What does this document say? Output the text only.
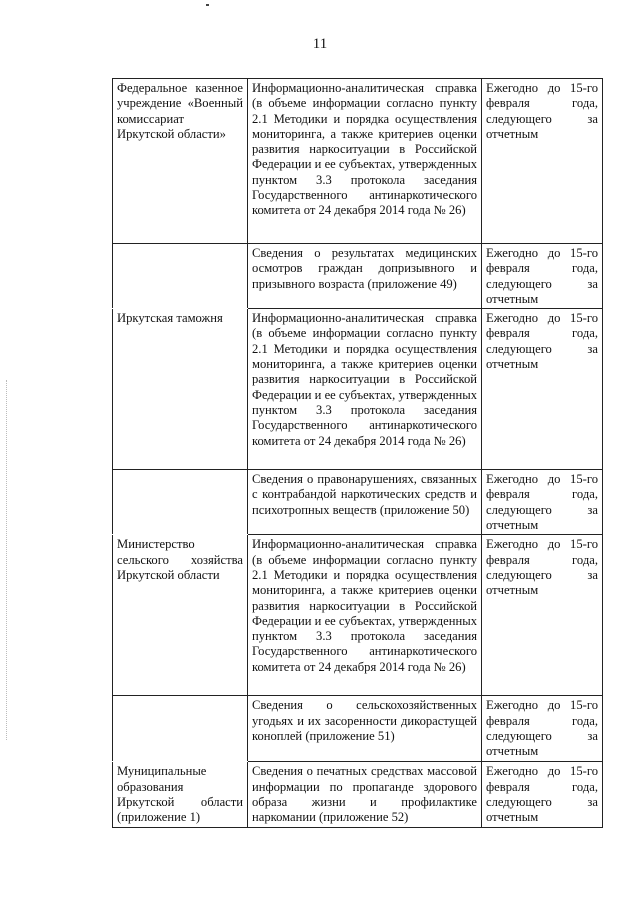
11
Федеральное казенное учреждение «Военный комиссариат Иркутской области»	Информационно-аналитическая справка (в объеме информации согласно пункту 2.1 Методики и порядка осуществления мониторинга, а также критериев оценки развития наркоситуации в Российской Федерации и ее субъектах, утвержденных пунктом 3.3 протокола заседания Государственного антинаркотического комитета от 24 декабря 2014 года № 26)	Ежегодно до 15-го февраля года, следующего за отчетным

	Сведения о результатах медицинских осмотров граждан допризывного и призывного возраста (приложение 49)	Ежегодно до 15-го февраля года, следующего за отчетным

Иркутская таможня	Информационно-аналитическая справка (в объеме информации согласно пункту 2.1 Методики и порядка осуществления мониторинга, а также критериев оценки развития наркоситуации в Российской Федерации и ее субъектах, утвержденных пунктом 3.3 протокола заседания Государственного антинаркотического комитета от 24 декабря 2014 года № 26)	Ежегодно до 15-го февраля года, следующего за отчетным

	Сведения о правонарушениях, связанных с контрабандой наркотических средств и психотропных веществ (приложение 50)	Ежегодно до 15-го февраля года, следующего за отчетным

Министерство сельского хозяйства Иркутской области	Информационно-аналитическая справка (в объеме информации согласно пункту 2.1 Методики и порядка осуществления мониторинга, а также критериев оценки развития наркоситуации в Российской Федерации и ее субъектах, утвержденных пунктом 3.3 протокола заседания Государственного антинаркотического комитета от 24 декабря 2014 года № 26)	Ежегодно до 15-го февраля года, следующего за отчетным

	Сведения о сельскохозяйственных угодьях и их засоренности дикорастущей коноплей (приложение 51)	Ежегодно до 15-го февраля года, следующего за отчетным

Муниципальные образования Иркутской области (приложение 1)	Сведения о печатных средствах массовой информации по пропаганде здорового образа жизни и профилактике наркомании (приложение 52)	Ежегодно до 15-го февраля года, следующего за отчетным
